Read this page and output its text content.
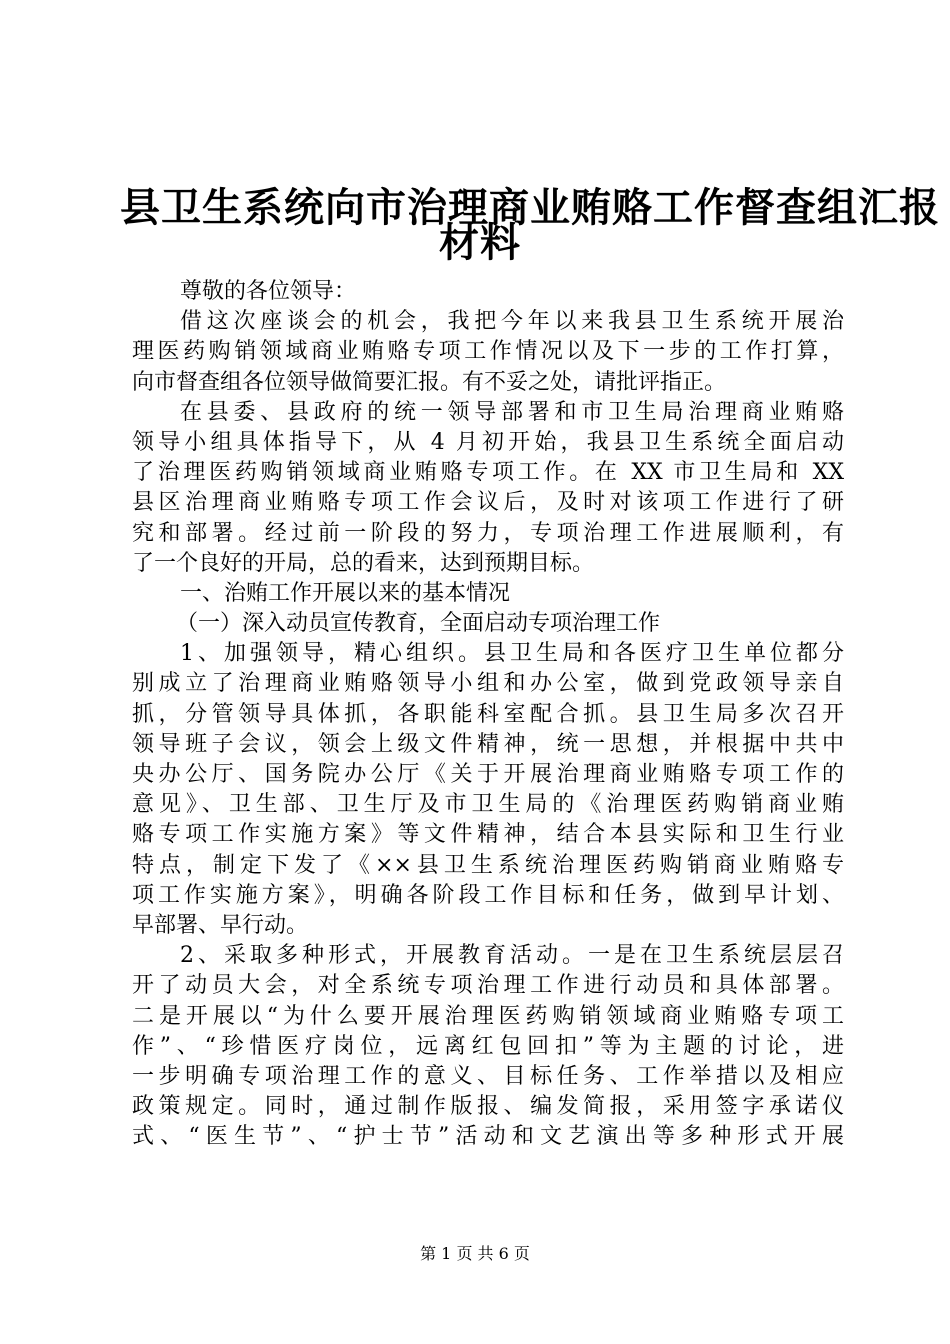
县卫生系统向市治理商业贿赂工作督查组汇报
材料
尊敬的各位领导：
借这次座谈会的机会，我把今年以来我县卫生系统开展治
理医药购销领域商业贿赂专项工作情况以及下一步的工作打算，
向市督查组各位领导做简要汇报。有不妥之处，请批评指正。
在县委、县政府的统一领导部署和市卫生局治理商业贿赂
领导小组具体指导下，从 4 月初开始，我县卫生系统全面启动
了治理医药购销领域商业贿赂专项工作。在 XX 市卫生局和 XX
县区治理商业贿赂专项工作会议后，及时对该项工作进行了研
究和部署。经过前一阶段的努力，专项治理工作进展顺利，有
了一个良好的开局，总的看来，达到预期目标。
一、治贿工作开展以来的基本情况
（一）深入动员宣传教育，全面启动专项治理工作
1、加强领导，精心组织。县卫生局和各医疗卫生单位都分
别成立了治理商业贿赂领导小组和办公室，做到党政领导亲自
抓，分管领导具体抓，各职能科室配合抓。县卫生局多次召开
领导班子会议，领会上级文件精神，统一思想，并根据中共中
央办公厅、国务院办公厅《关于开展治理商业贿赂专项工作的
意见》、卫生部、卫生厅及市卫生局的《治理医药购销商业贿
赂专项工作实施方案》等文件精神，结合本县实际和卫生行业
特点，制定下发了《××县卫生系统治理医药购销商业贿赂专
项工作实施方案》，明确各阶段工作目标和任务，做到早计划、
早部署、早行动。
2、采取多种形式，开展教育活动。一是在卫生系统层层召
开了动员大会，对全系统专项治理工作进行动员和具体部署。
二是开展以“为什么要开展治理医药购销领域商业贿赂专项工
作”、“珍惜医疗岗位，远离红包回扣”等为主题的讨论，进
一步明确专项治理工作的意义、目标任务、工作举措以及相应
政策规定。同时，通过制作版报、编发简报，采用签字承诺仪
式、“医生节”、“护士节”活动和文艺演出等多种形式开展
第 1 页 共 6 页
